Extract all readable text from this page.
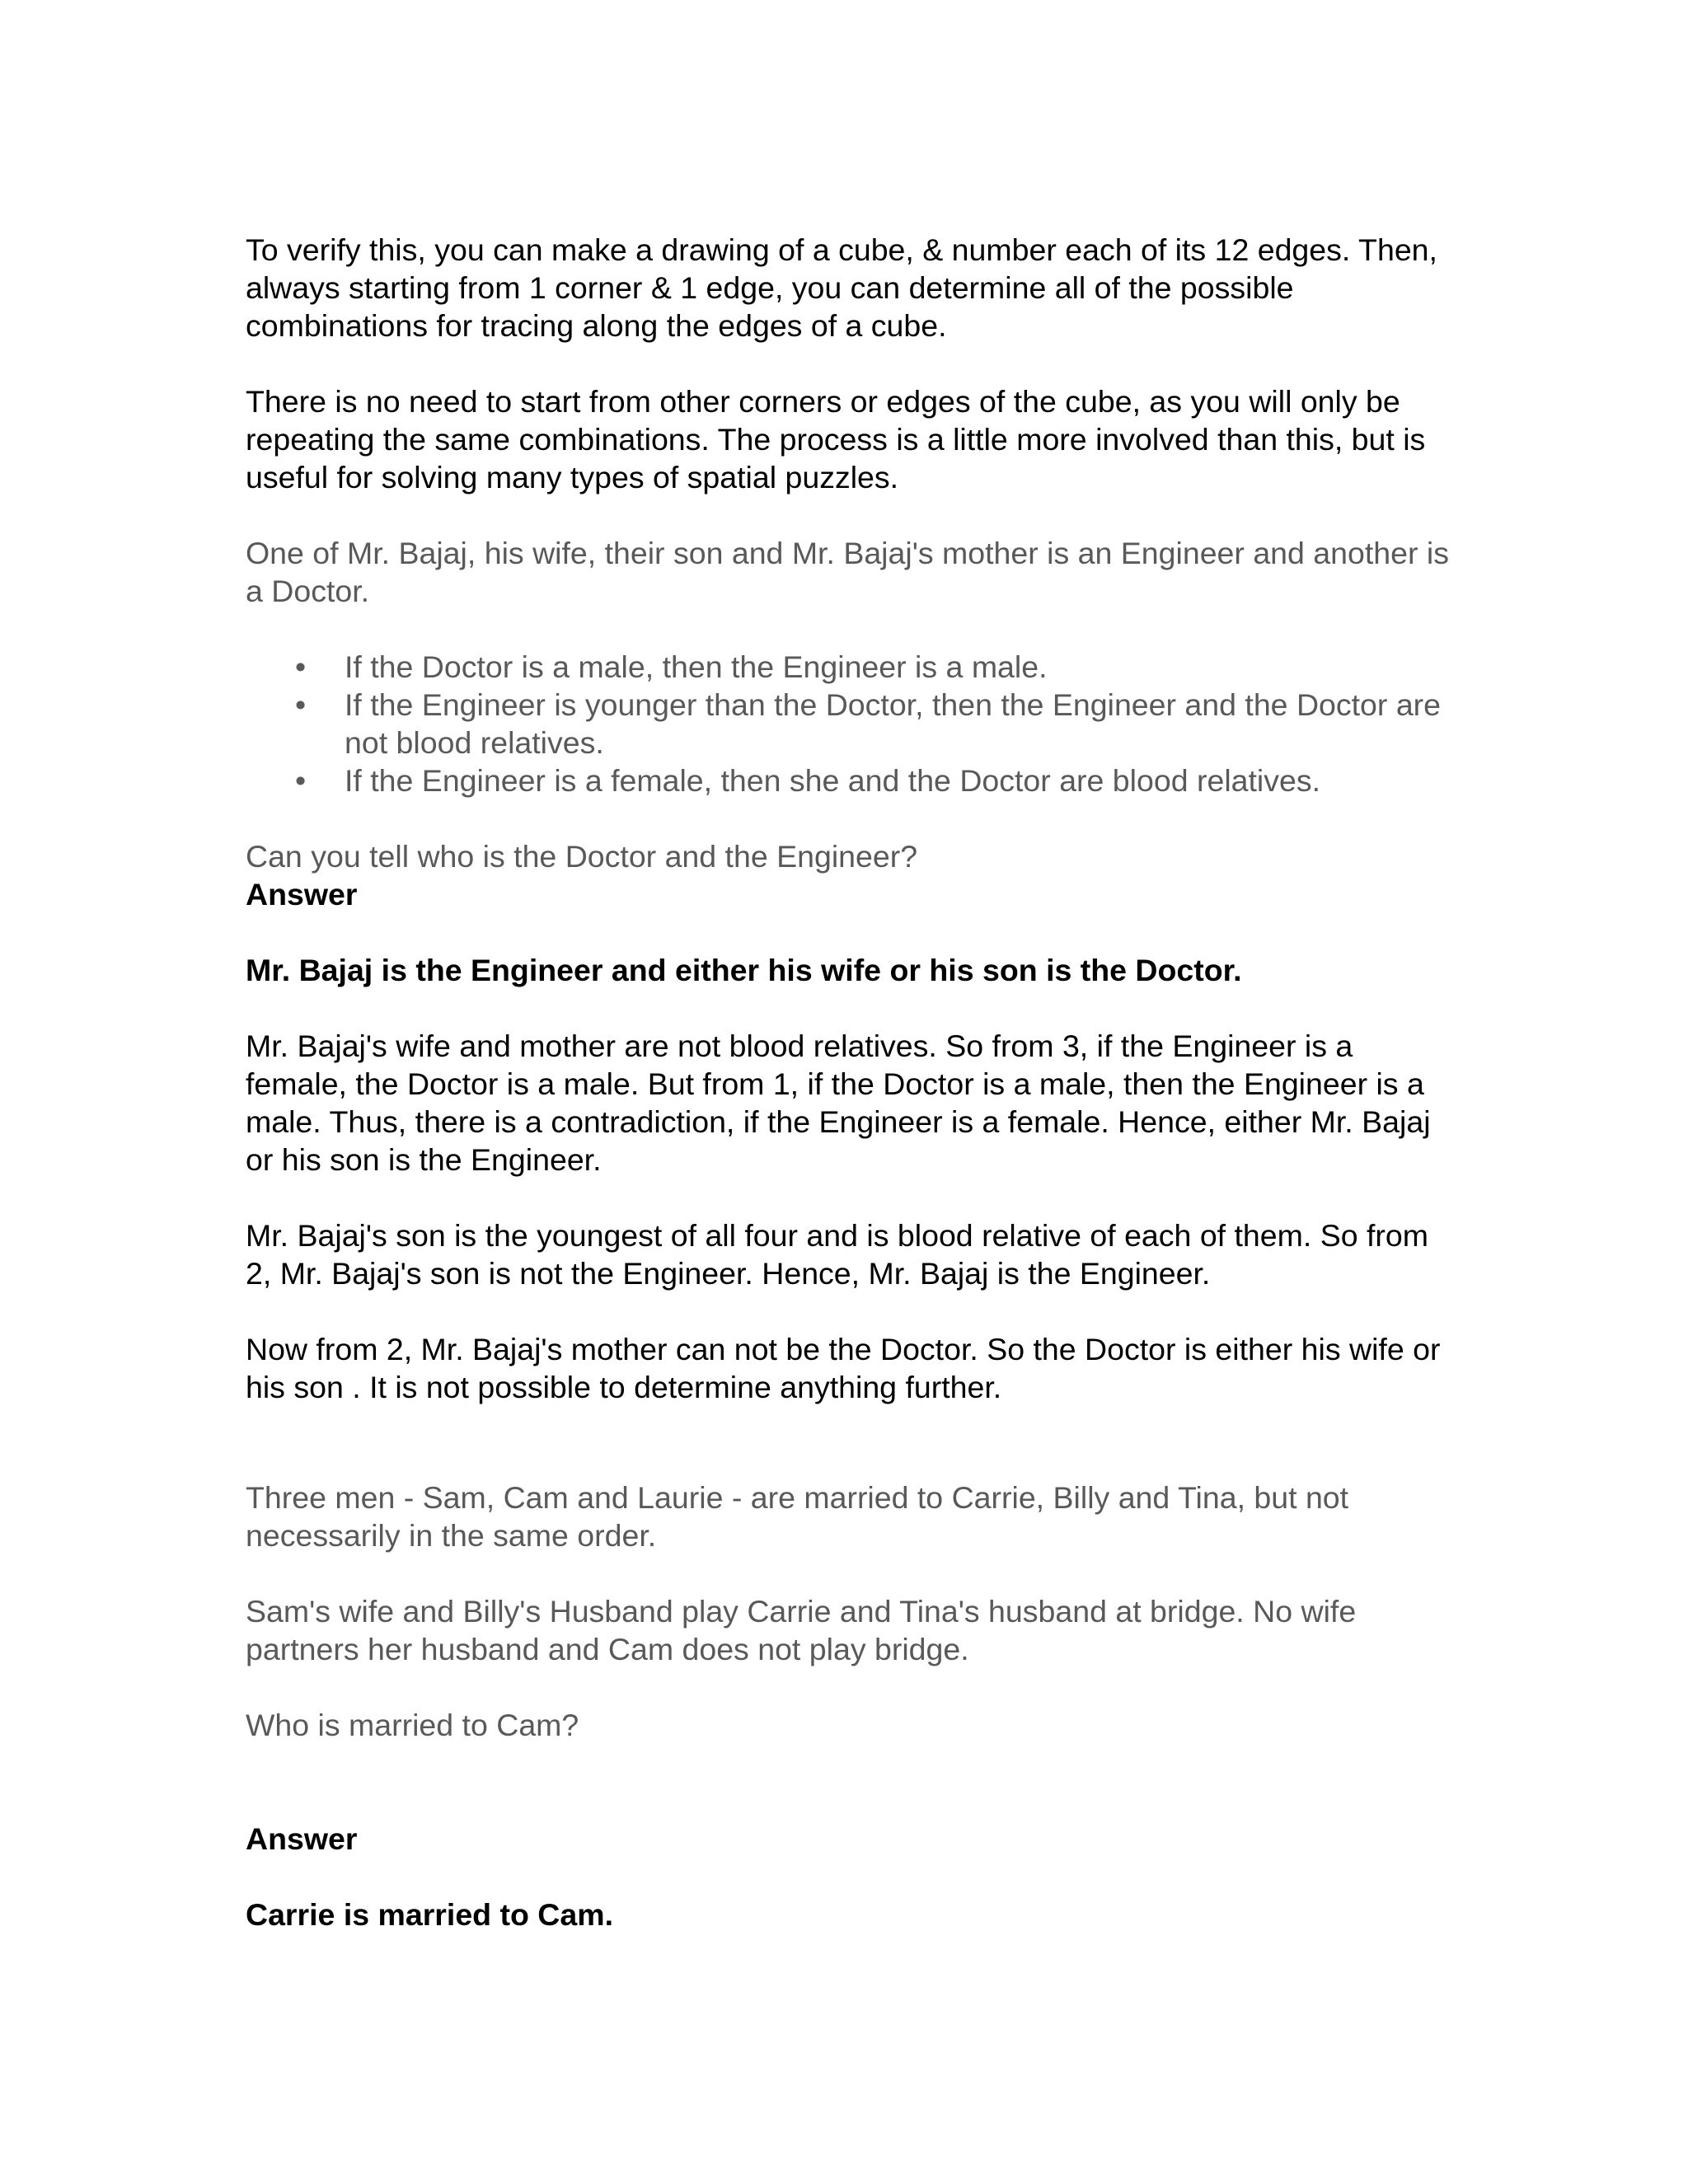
To verify this, you can make a drawing of a cube, & number each of its 12 edges. Then, always starting from 1 corner & 1 edge, you can determine all of the possible combinations for tracing along the edges of a cube.

There is no need to start from other corners or edges of the cube, as you will only be repeating the same combinations. The process is a little more involved than this, but is useful for solving many types of spatial puzzles.

One of Mr. Bajaj, his wife, their son and Mr. Bajaj's mother is an Engineer and another is a Doctor.

• If the Doctor is a male, then the Engineer is a male.
• If the Engineer is younger than the Doctor, then the Engineer and the Doctor are not blood relatives.
• If the Engineer is a female, then she and the Doctor are blood relatives.

Can you tell who is the Doctor and the Engineer?

Answer

Mr. Bajaj is the Engineer and either his wife or his son is the Doctor.

Mr. Bajaj's wife and mother are not blood relatives. So from 3, if the Engineer is a female, the Doctor is a male. But from 1, if the Doctor is a male, then the Engineer is a male. Thus, there is a contradiction, if the Engineer is a female. Hence, either Mr. Bajaj or his son is the Engineer.

Mr. Bajaj's son is the youngest of all four and is blood relative of each of them. So from 2, Mr. Bajaj's son is not the Engineer. Hence, Mr. Bajaj is the Engineer.

Now from 2, Mr. Bajaj's mother can not be the Doctor. So the Doctor is either his wife or his son . It is not possible to determine anything further.

Three men - Sam, Cam and Laurie - are married to Carrie, Billy and Tina, but not necessarily in the same order.

Sam's wife and Billy's Husband play Carrie and Tina's husband at bridge. No wife partners her husband and Cam does not play bridge.

Who is married to Cam?

Answer

Carrie is married to Cam.
